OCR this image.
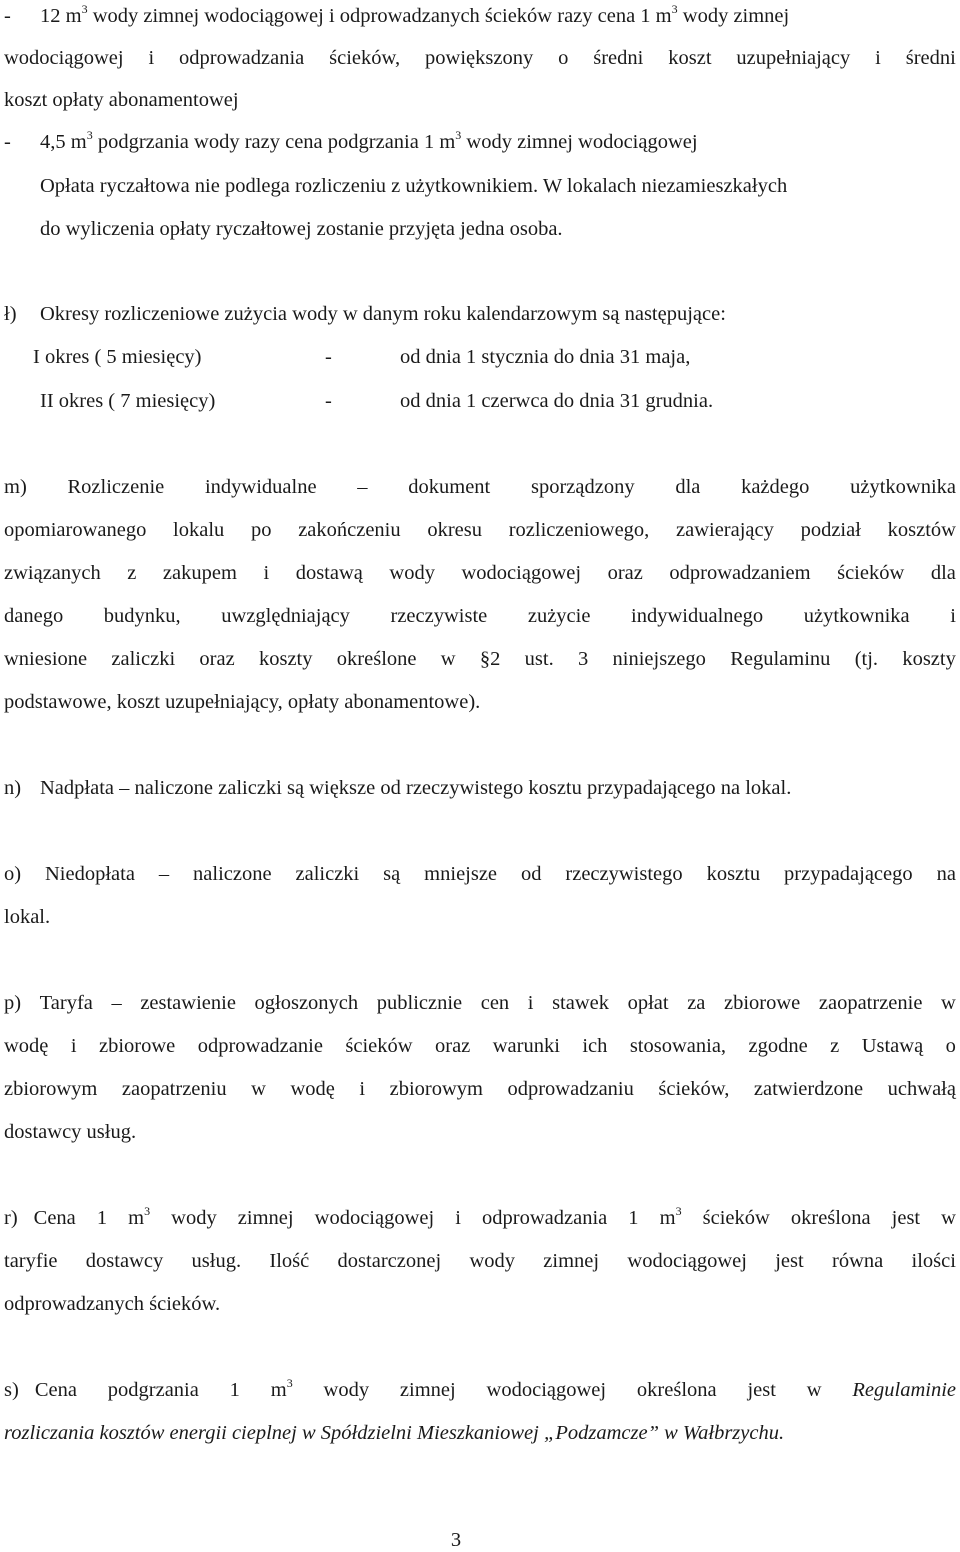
- 12 $m^3$ wody zimnej wodociągowej i odprowadzanych ścieków razy cena 1 $m^3$ wody zimnej
wodociągowej i odprowadzania ścieków, powiększony o średni koszt uzupełniający i średni
koszt opłaty abonamentowej
- 4,5 $m^3$ podgrzania wody razy cena podgrzania 1 $m^3$ wody zimnej wodociągowej
Opłata ryczałtowa nie podlega rozliczeniu z użytkownikiem. W lokalach niezamieszkałych
do wyliczenia opłaty ryczałtowej zostanie przyjęta jedna osoba.
ł) Okresy rozliczeniowe zużycia wody w danym roku kalendarzowym są następujące:
I okres ( 5 miesięcy)	-	od dnia 1 stycznia do dnia 31 maja,
II okres ( 7 miesięcy)	-	od dnia 1 czerwca do dnia 31 grudnia.
m) Rozliczenie indywidualne – dokument sporządzony dla każdego użytkownika
opomiarowanego lokalu po zakończeniu okresu rozliczeniowego, zawierający podział kosztów
związanych z zakupem i dostawą wody wodociągowej oraz odprowadzaniem ścieków dla
danego budynku, uwzględniający rzeczywiste zużycie indywidualnego użytkownika i
wniesione zaliczki oraz koszty określone w §2 ust. 3 niniejszego Regulaminu (tj. koszty
podstawowe, koszt uzupełniający, opłaty abonamentowe).
n) Nadpłata – naliczone zaliczki są większe od rzeczywistego kosztu przypadającego na lokal.
o) Niedopłata – naliczone zaliczki są mniejsze od rzeczywistego kosztu przypadającego na
lokal.
p) Taryfa – zestawienie ogłoszonych publicznie cen i stawek opłat za zbiorowe zaopatrzenie w
wodę i zbiorowe odprowadzanie ścieków oraz warunki ich stosowania, zgodne z Ustawą o
zbiorowym zaopatrzeniu w wodę i zbiorowym odprowadzaniu ścieków, zatwierdzone uchwałą
dostawcy usług.
r) Cena 1 $m^3$ wody zimnej wodociągowej i odprowadzania 1 $m^3$ ścieków określona jest w
taryfie dostawcy usług. Ilość dostarczonej wody zimnej wodociągowej jest równa ilości
odprowadzanych ścieków.
s) Cena podgrzania 1 $m^3$ wody zimnej wodociągowej określona jest w Regulaminie
rozliczania kosztów energii cieplnej w Spółdzielni Mieszkaniowej „Podzamcze” w Wałbrzychu.
3
